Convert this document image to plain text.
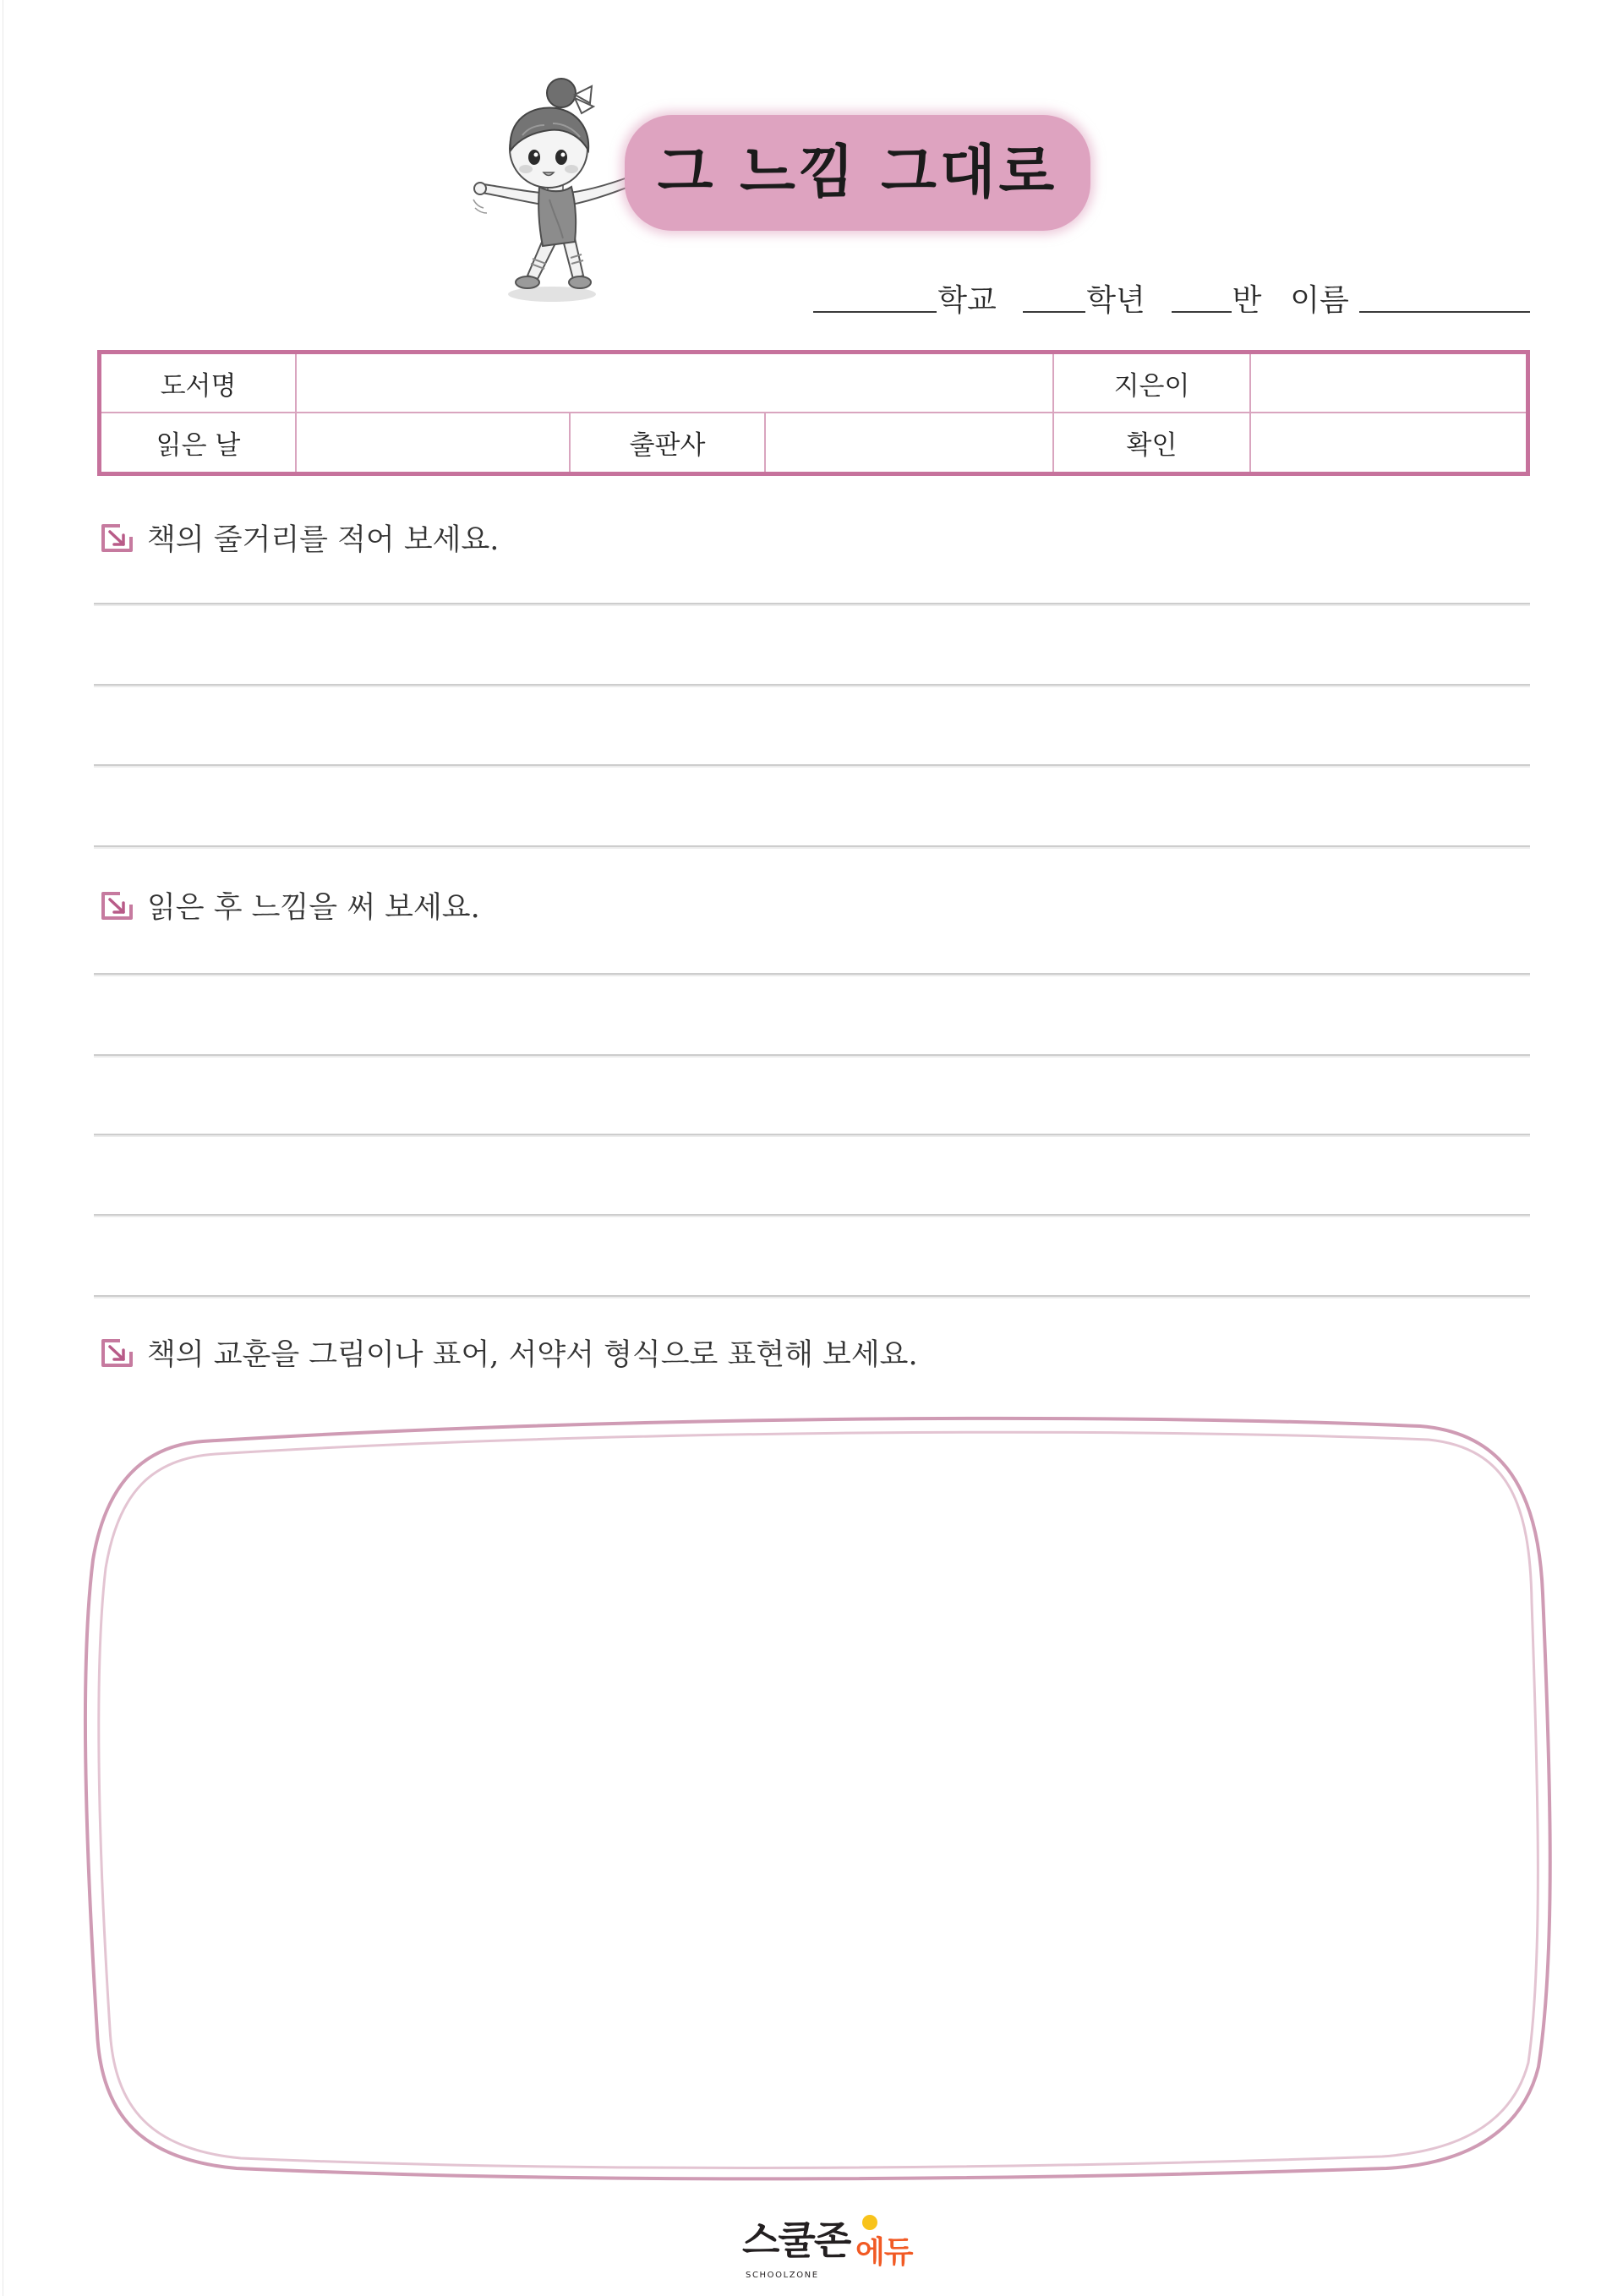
그 느낌 그대로
학교	학년	반 이름
도서명	지은이
읽은 날	출판사	확인
책의 줄거리를 적어 보세요.
읽은 후 느낌을 써 보세요.
책의 교훈을 그림이나 표어, 서약서 형식으로 표현해 보세요.
스쿨존 에듀
SCHOOLZONE
